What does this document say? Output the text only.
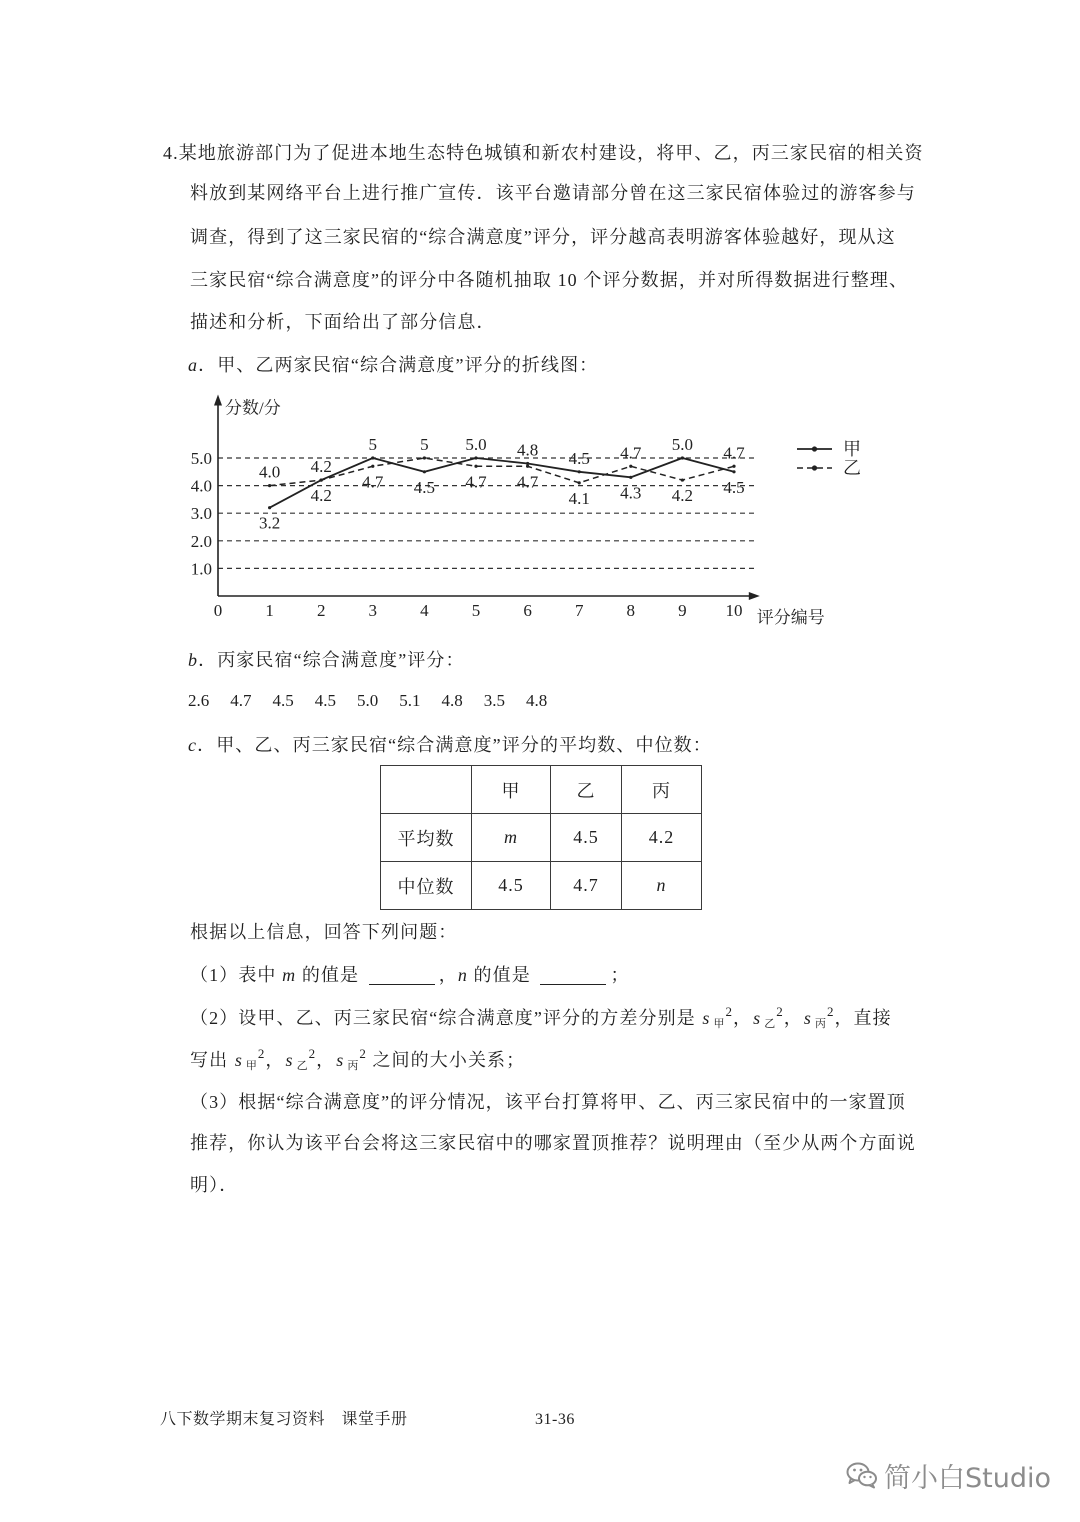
4.某地旅游部门为了促进本地生态特色城镇和新农村建设，将甲、乙，丙三家民宿的相关资
料放到某网络平台上进行推广宣传．该平台邀请部分曾在这三家民宿体验过的游客参与
调查，得到了这三家民宿的“综合满意度”评分，评分越高表明游客体验越好，现从这
三家民宿“综合满意度”的评分中各随机抽取 10 个评分数据，并对所得数据进行整理、
描述和分析，下面给出了部分信息．
a．甲、乙两家民宿“综合满意度”评分的折线图：
1.0
2.0
3.0
4.0
5.0
0	1	2	3	4	5	6	7	8	9 10
分数/分
评分编号
3.2
4.0
4.2
4.2
5
4.7 4.5
5 5.0
4.7
4.8
4.7
4.5
4.1 4.3
4.7 5.0
4.2 4.5
4.7	甲
乙
b．丙家民宿“综合满意度”评分：
2.6 4.7 4.5 4.5 5.0 5.1 4.8 3.5 4.8
c．甲、乙、丙三家民宿“综合满意度”评分的平均数、中位数：
	甲	乙	丙
平均数	m	4.5	4.2
中位数	4.5	4.7	n
根据以上信息，回答下列问题：
（1）表中 m 的值是	，n 的值是	；
（2）设甲、乙、丙三家民宿“综合满意度”评分的方差分别是 s 甲$^2$，s 乙$^2$，s 丙$^2$，直接
写出 s 甲$^2$，s 乙$^2$，s 丙$^2$ 之间的大小关系；
（3）根据“综合满意度”的评分情况，该平台打算将甲、乙、丙三家民宿中的一家置顶
推荐，你认为该平台会将这三家民宿中的哪家置顶推荐？说明理由（至少从两个方面说
明）．
八下数学期末复习资料　课堂手册	31-36
简小白Studio
